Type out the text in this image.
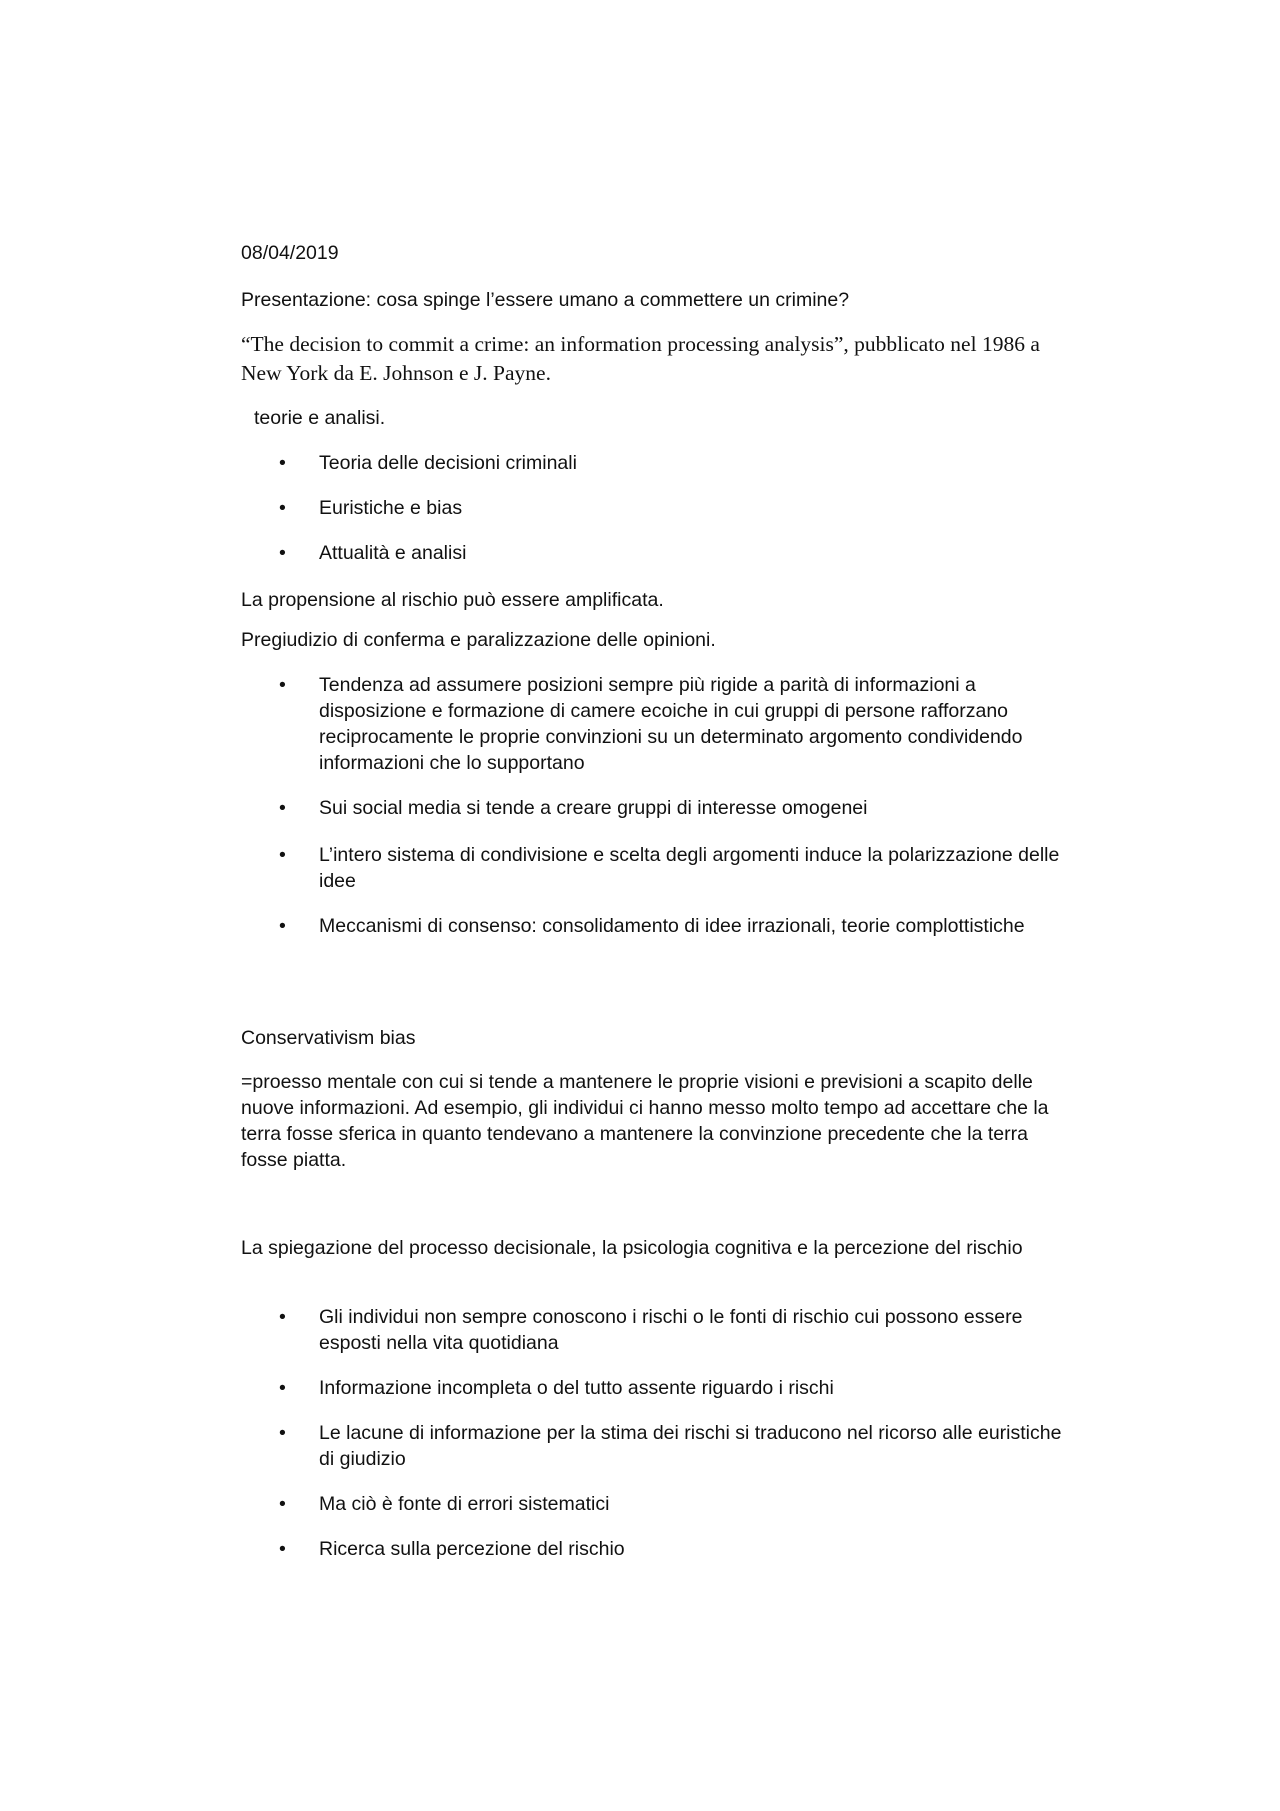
08/04/2019
Presentazione: cosa spinge l’essere umano a commettere un crimine?
“The decision to commit a crime: an information processing analysis”, pubblicato nel 1986 a New York da E. Johnson e J. Payne.
teorie e analisi.
• Teoria delle decisioni criminali
• Euristiche e bias
• Attualità e analisi
La propensione al rischio può essere amplificata.
Pregiudizio di conferma e paralizzazione delle opinioni.
• Tendenza ad assumere posizioni sempre più rigide a parità di informazioni a disposizione e formazione di camere ecoiche in cui gruppi di persone rafforzano reciprocamente le proprie convinzioni su un determinato argomento condividendo informazioni che lo supportano
• Sui social media si tende a creare gruppi di interesse omogenei
• L’intero sistema di condivisione e scelta degli argomenti induce la polarizzazione delle idee
• Meccanismi di consenso: consolidamento di idee irrazionali, teorie complottistiche
Conservativism bias
=proesso mentale con cui si tende a mantenere le proprie visioni e previsioni a scapito delle nuove informazioni. Ad esempio, gli individui ci hanno messo molto tempo ad accettare che la terra fosse sferica in quanto tendevano a mantenere la convinzione precedente che la terra fosse piatta.
La spiegazione del processo decisionale, la psicologia cognitiva e la percezione del rischio
• Gli individui non sempre conoscono i rischi o le fonti di rischio cui possono essere esposti nella vita quotidiana
• Informazione incompleta o del tutto assente riguardo i rischi
• Le lacune di informazione per la stima dei rischi si traducono nel ricorso alle euristiche di giudizio
• Ma ciò è fonte di errori sistematici
• Ricerca sulla percezione del rischio
